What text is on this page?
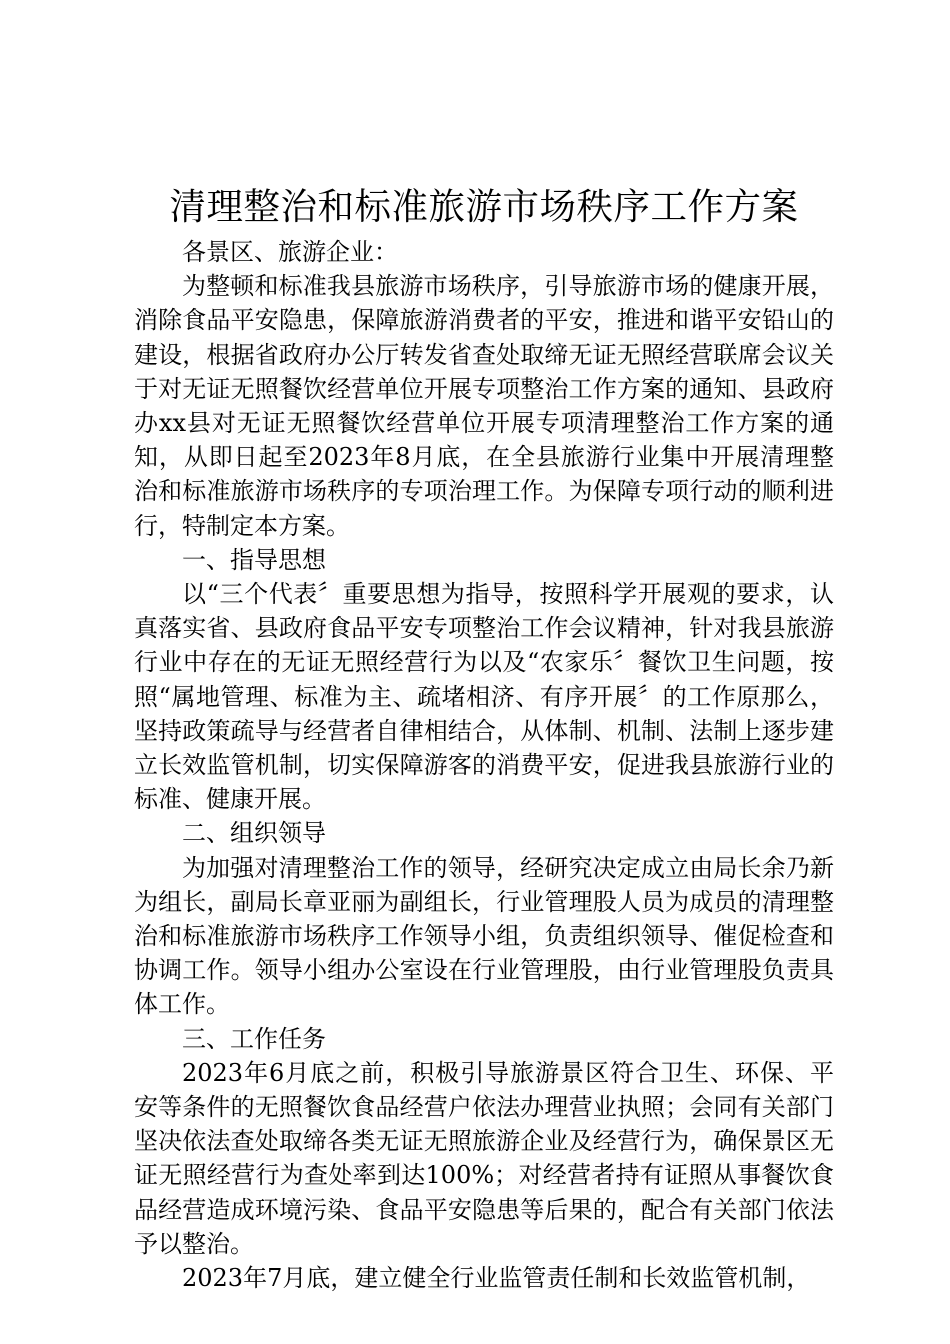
清理整治和标准旅游市场秩序工作方案

各景区、旅游企业：

为整顿和标准我县旅游市场秩序，引导旅游市场的健康开展，消除食品平安隐患，保障旅游消费者的平安，推进和谐平安铅山的建设，根据省政府办公厅转发省查处取缔无证无照经营联席会议关于对无证无照餐饮经营单位开展专项整治工作方案的通知、县政府办xx县对无证无照餐饮经营单位开展专项清理整治工作方案的通知，从即日起至2023年8月底，在全县旅游行业集中开展清理整治和标准旅游市场秩序的专项治理工作。为保障专项行动的顺利进行，特制定本方案。

一、指导思想

以“三个代表〞重要思想为指导，按照科学开展观的要求，认真落实省、县政府食品平安专项整治工作会议精神，针对我县旅游行业中存在的无证无照经营行为以及“农家乐〞餐饮卫生问题，按照“属地管理、标准为主、疏堵相济、有序开展〞的工作原那么，坚持政策疏导与经营者自律相结合，从体制、机制、法制上逐步建立长效监管机制，切实保障游客的消费平安，促进我县旅游行业的标准、健康开展。

二、组织领导

为加强对清理整治工作的领导，经研究决定成立由局长余乃新为组长，副局长章亚丽为副组长，行业管理股人员为成员的清理整治和标准旅游市场秩序工作领导小组，负责组织领导、催促检查和协调工作。领导小组办公室设在行业管理股，由行业管理股负责具体工作。

三、工作任务

2023年6月底之前，积极引导旅游景区符合卫生、环保、平安等条件的无照餐饮食品经营户依法办理营业执照；会同有关部门坚决依法查处取缔各类无证无照旅游企业及经营行为，确保景区无证无照经营行为查处率到达100%；对经营者持有证照从事餐饮食品经营造成环境污染、食品平安隐患等后果的，配合有关部门依法予以整治。

2023年7月底，建立健全行业监管责任制和长效监管机制，
